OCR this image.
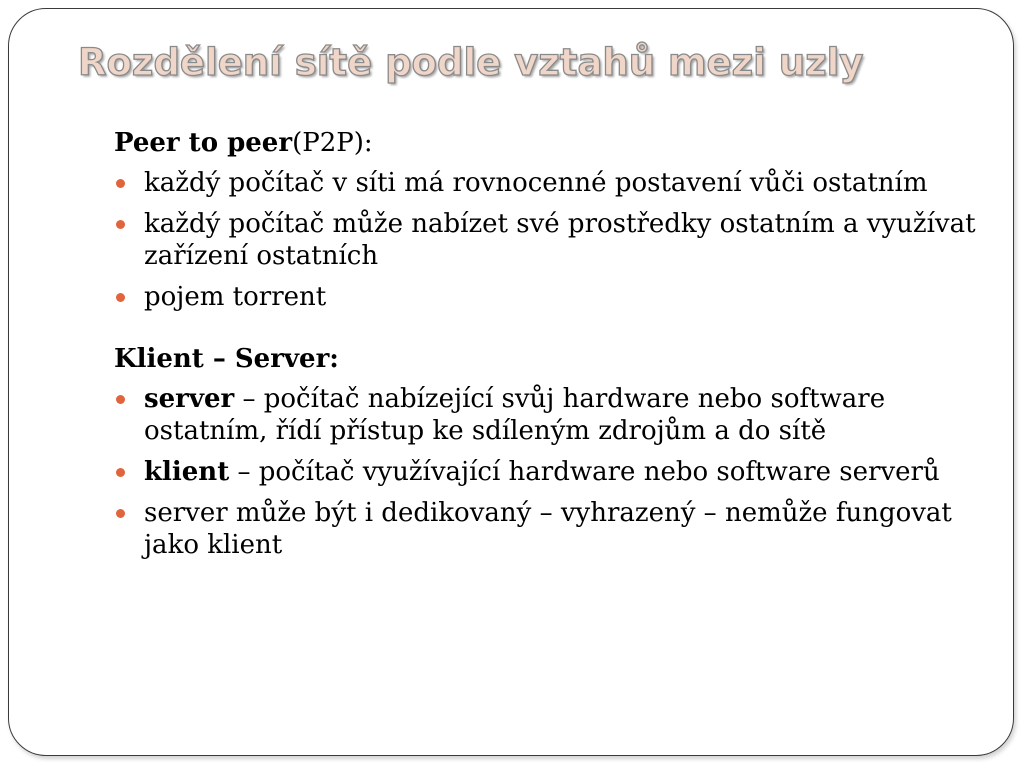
Rozdělení sítě podle vztahů mezi uzly
Peer to peer(P2P):
každý počítač v síti má rovnocenné postavení vůči ostatním
každý počítač může nabízet své prostředky ostatním a využívat zařízení ostatních
pojem torrent
Klient – Server:
server – počítač nabízející svůj hardware nebo software ostatním, řídí přístup ke sdíleným zdrojům a do sítě
klient – počítač využívající hardware nebo software serverů
server může být i dedikovaný – vyhrazený – nemůže fungovat jako klient
